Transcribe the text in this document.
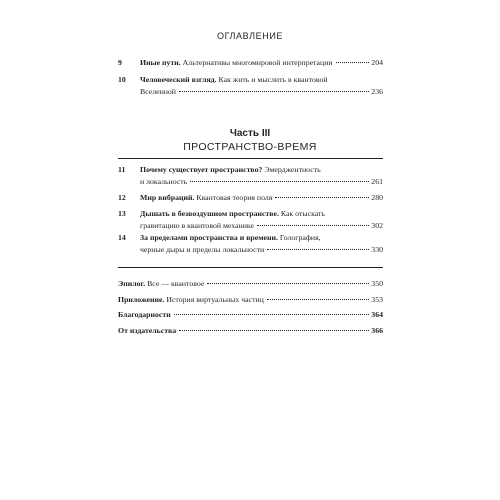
ОГЛАВЛЕНИЕ
9 Иные пути. Альтернативы многомировой интерпретации	204
10 Человеческий взгляд. Как жить и мыслить в квантовой
Вселенной	236
Часть III
ПРОСТРАНСТВО-ВРЕМЯ
11 Почему существует пространство? Эмерджентность
и локальность	261
12 Мир вибраций. Квантовая теория поля	280
13 Дышать в безвоздушном пространстве. Как отыскать
гравитацию в квантовой механике	302
14 За пределами пространства и времени. Голография,
черные дыры и пределы локальности	330
Эпилог. Все — квантовое	350
Приложение. История виртуальных частиц	353
Благодарности	364
От издательства	366
